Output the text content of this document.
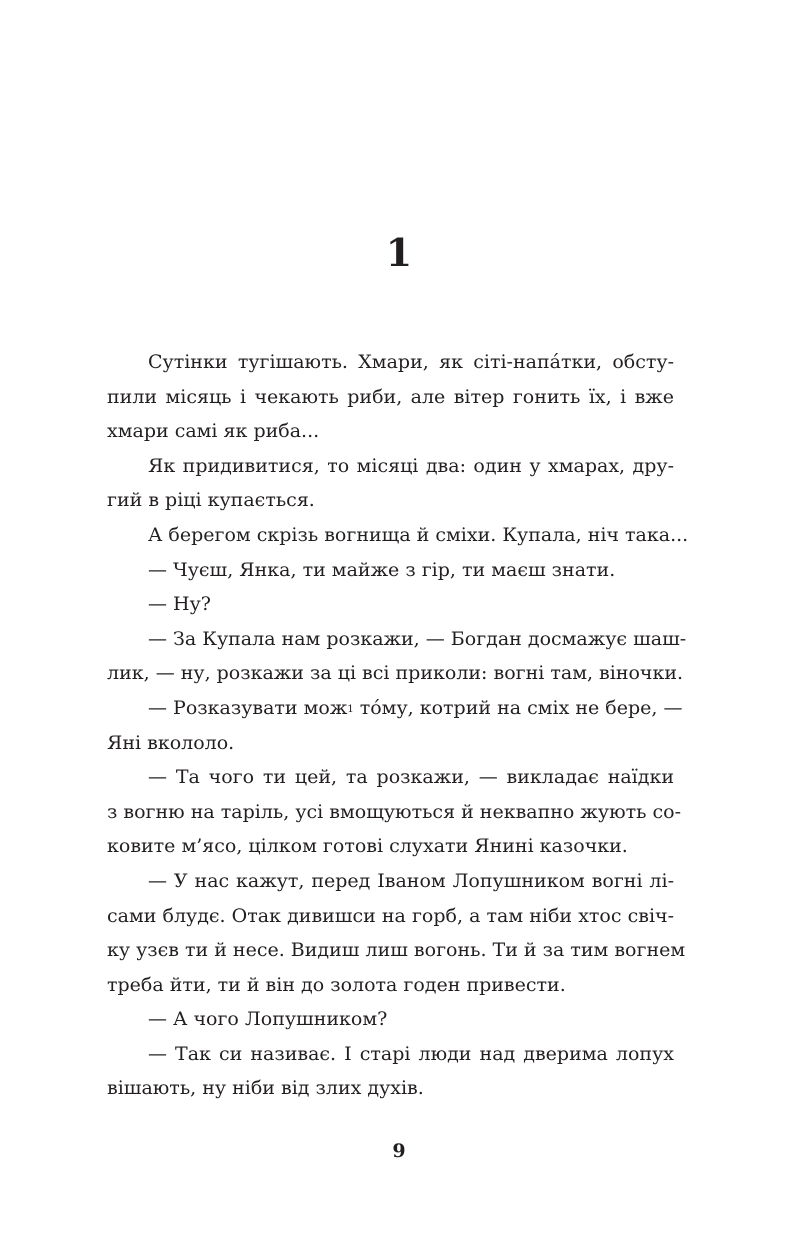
1
Сутінки тугішають. Хмари, як сіті-напáтки, обсту-
пили місяць і чекають риби, але вітер гонить їх, і вже
хмари самі як риба...
Як придивитися, то місяці два: один у хмарах, дру-
гий в ріці купається.
А берегом скрізь вогнища й сміхи. Купала, ніч така...
— Чуєш, Янка, ти майже з гір, ти маєш знати.
— Ну?
— За Купала нам розкажи, — Богдан досмажує шаш-
лик, — ну, розкажи за ці всі приколи: вогні там, віночки.
— Розказувати мож$^1$ тóму, котрий на сміх не бере, —
Яні вкололо.
— Та чого ти цей, та розкажи, — викладає наїдки
з вогню на таріль, усі вмощуються й неквапно жують со-
ковите м’ясо, цілком готові слухати Янині казочки.
— У нас кажут, перед Іваном Лопушником вогні лі-
сами блудє. Отак дивишси на горб, а там ніби хтос свіч-
ку узєв ти й несе. Видиш лиш вогонь. Ти й за тим вогнем
треба йти, ти й він до золота годен привести.
— А чого Лопушником?
— Так си називає. І старі люди над дверима лопух
вішають, ну ніби від злих духів.
9
